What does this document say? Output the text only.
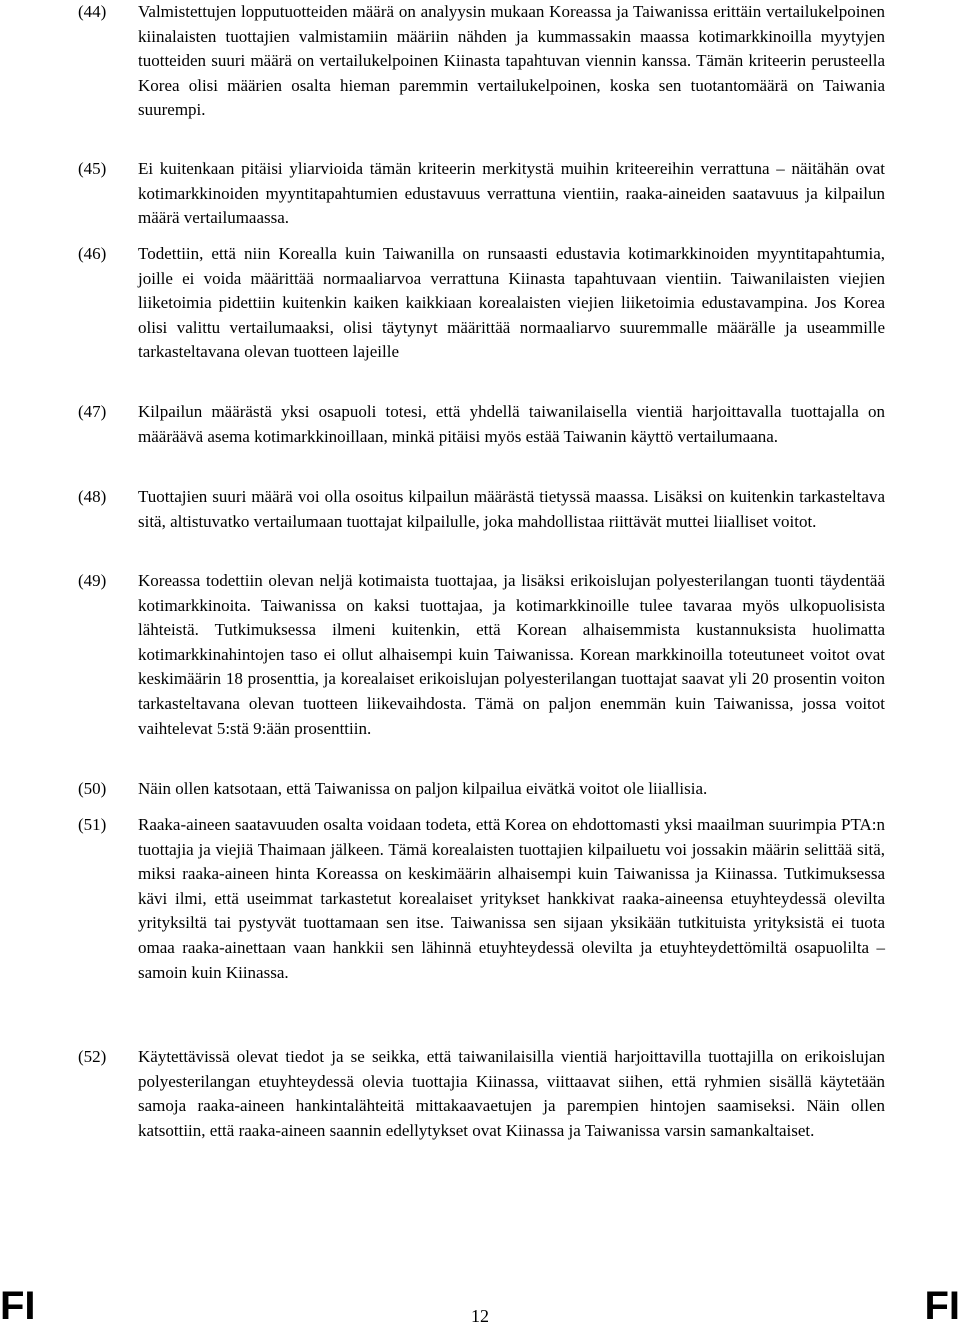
(44) Valmistettujen lopputuotteiden määrä on analyysin mukaan Koreassa ja Taiwanissa erittäin vertailukelpoinen kiinalaisten tuottajien valmistamiin määriin nähden ja kummassakin maassa kotimarkkinoilla myytyjen tuotteiden suuri määrä on vertailukelpoinen Kiinasta tapahtuvan viennin kanssa. Tämän kriteerin perusteella Korea olisi määrien osalta hieman paremmin vertailukelpoinen, koska sen tuotantomäärä on Taiwania suurempi.
(45) Ei kuitenkaan pitäisi yliarvioida tämän kriteerin merkitystä muihin kriteereihin verrattuna – näitähän ovat kotimarkkinoiden myyntitapahtumien edustavuus verrattuna vientiin, raaka-aineiden saatavuus ja kilpailun määrä vertailumaassa.
(46) Todettiin, että niin Korealla kuin Taiwanilla on runsaasti edustavia kotimarkkinoiden myyntitapahtumia, joille ei voida määrittää normaaliarvoa verrattuna Kiinasta tapahtuvaan vientiin. Taiwanilaisten viejien liiketoimia pidettiin kuitenkin kaiken kaikkiaan korealaisten viejien liiketoimia edustavampina. Jos Korea olisi valittu vertailumaaksi, olisi täytynyt määrittää normaaliarvo suuremmalle määrälle ja useammille tarkasteltavana olevan tuotteen lajeille
(47) Kilpailun määrästä yksi osapuoli totesi, että yhdellä taiwanilaisella vientiä harjoittavalla tuottajalla on määräävä asema kotimarkkinoillaan, minkä pitäisi myös estää Taiwanin käyttö vertailumaana.
(48) Tuottajien suuri määrä voi olla osoitus kilpailun määrästä tietyssä maassa. Lisäksi on kuitenkin tarkasteltava sitä, altistuvatko vertailumaan tuottajat kilpailulle, joka mahdollistaa riittävät muttei liialliset voitot.
(49) Koreassa todettiin olevan neljä kotimaista tuottajaa, ja lisäksi erikoislujan polyesterilangan tuonti täydentää kotimarkkinoita. Taiwanissa on kaksi tuottajaa, ja kotimarkkinoille tulee tavaraa myös ulkopuolisista lähteistä. Tutkimuksessa ilmeni kuitenkin, että Korean alhaisemmista kustannuksista huolimatta kotimarkkinahintojen taso ei ollut alhaisempi kuin Taiwanissa. Korean markkinoilla toteutuneet voitot ovat keskimäärin 18 prosenttia, ja korealaiset erikoislujan polyesterilangan tuottajat saavat yli 20 prosentin voiton tarkasteltavana olevan tuotteen liikevaihdosta. Tämä on paljon enemmän kuin Taiwanissa, jossa voitot vaihtelevat 5:stä 9:ään prosenttiin.
(50) Näin ollen katsotaan, että Taiwanissa on paljon kilpailua eivätkä voitot ole liiallisia.
(51) Raaka-aineen saatavuuden osalta voidaan todeta, että Korea on ehdottomasti yksi maailman suurimpia PTA:n tuottajia ja viejiä Thaimaan jälkeen. Tämä korealaisten tuottajien kilpailuetu voi jossakin määrin selittää sitä, miksi raaka-aineen hinta Koreassa on keskimäärin alhaisempi kuin Taiwanissa ja Kiinassa. Tutkimuksessa kävi ilmi, että useimmat tarkastetut korealaiset yritykset hankkivat raaka-aineensa etuyhteydessä olevilta yrityksiltä tai pystyvät tuottamaan sen itse. Taiwanissa sen sijaan yksikään tutkituista yrityksistä ei tuota omaa raaka-ainettaan vaan hankkii sen lähinnä etuyhteydessä olevilta ja etuyhteydettömiltä osapuolilta – samoin kuin Kiinassa.
(52) Käytettävissä olevat tiedot ja se seikka, että taiwanilaisilla vientiä harjoittavilla tuottajilla on erikoislujan polyesterilangan etuyhteydessä olevia tuottajia Kiinassa, viittaavat siihen, että ryhmien sisällä käytetään samoja raaka-aineen hankintalähteitä mittakaavaetujen ja parempien hintojen saamiseksi. Näin ollen katsottiin, että raaka-aineen saannin edellytykset ovat Kiinassa ja Taiwanissa varsin samankaltaiset.
FI	12	FI
